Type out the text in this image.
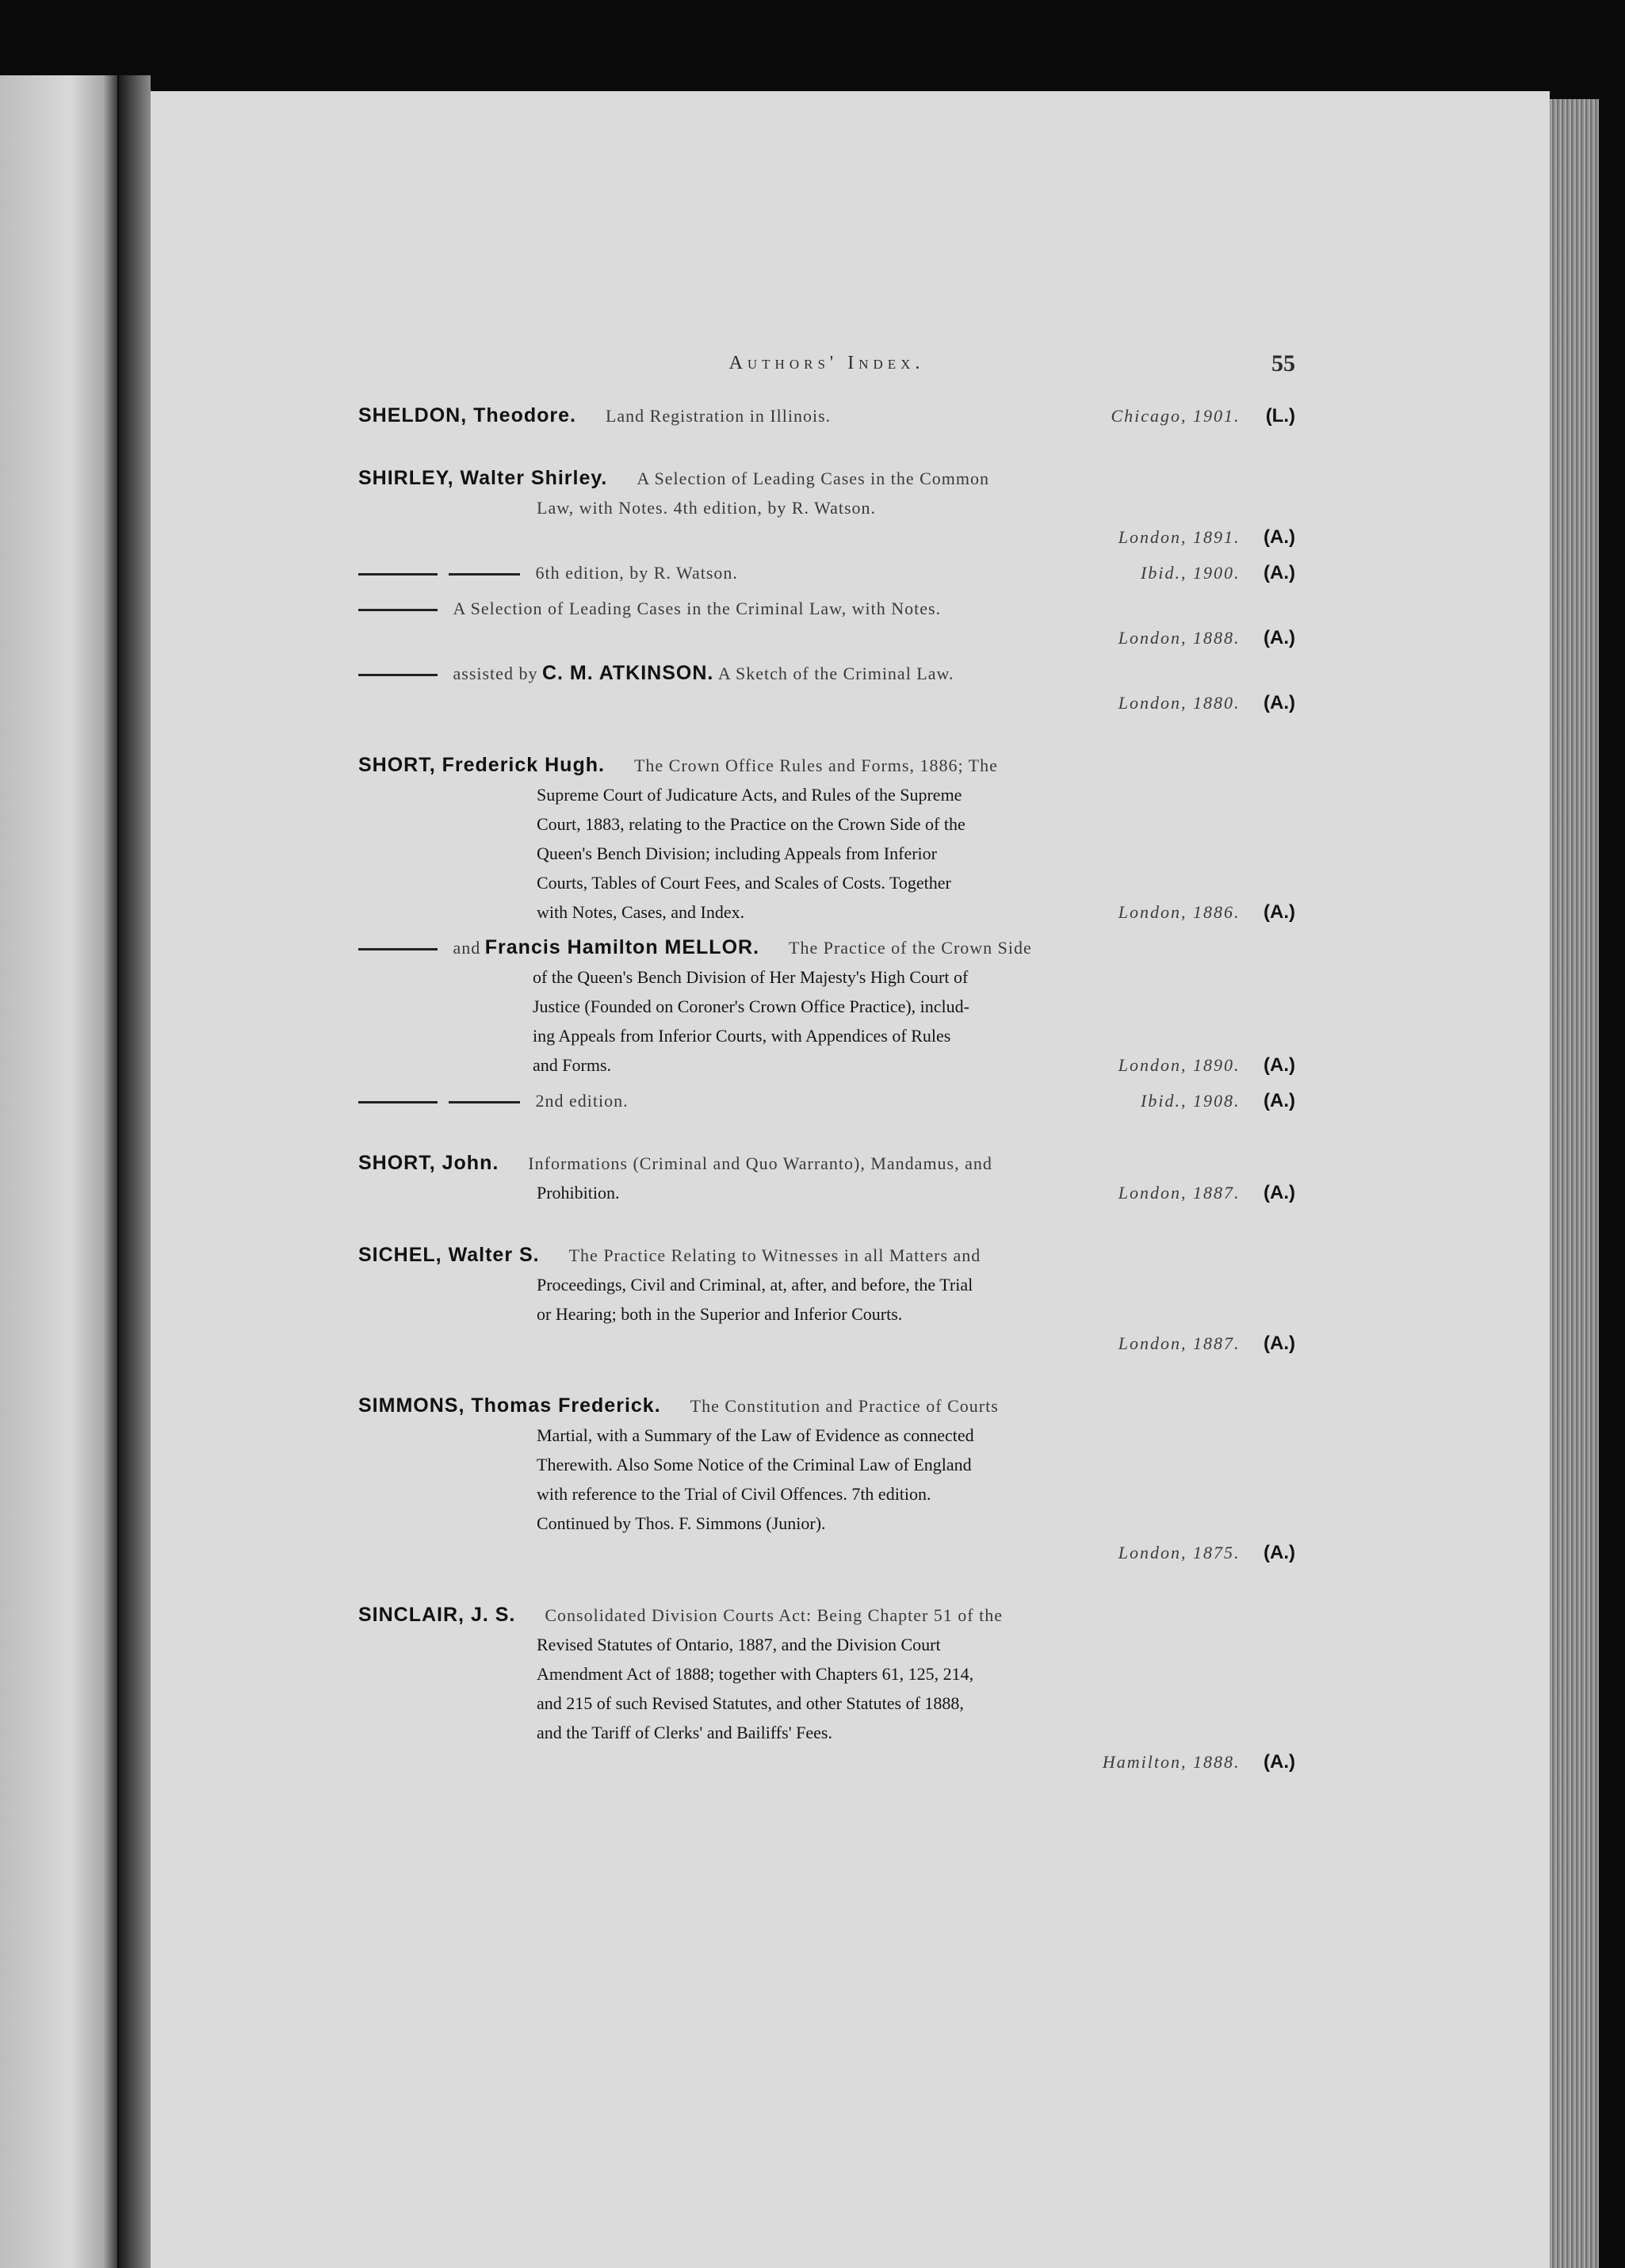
Authors' Index.	55
SHELDON, Theodore. Land Registration in Illinois.	Chicago, 1901. (L.)
SHIRLEY, Walter Shirley. A Selection of Leading Cases in the Common
Law, with Notes. 4th edition, by R. Watson.
London, 1891. (A.)
6th edition, by R. Watson.	Ibid., 1900. (A.)
A Selection of Leading Cases in the Criminal Law, with Notes.
London, 1888. (A.)
assisted by C. M. ATKINSON. A Sketch of the Criminal Law.
London, 1880. (A.)
SHORT, Frederick Hugh. The Crown Office Rules and Forms, 1886; The
Supreme Court of Judicature Acts, and Rules of the Supreme
Court, 1883, relating to the Practice on the Crown Side of the
Queen's Bench Division; including Appeals from Inferior
Courts, Tables of Court Fees, and Scales of Costs. Together
with Notes, Cases, and Index.	London, 1886. (A.)
and Francis Hamilton MELLOR. The Practice of the Crown Side
of the Queen's Bench Division of Her Majesty's High Court of
Justice (Founded on Coroner's Crown Office Practice), includ-
ing Appeals from Inferior Courts, with Appendices of Rules
and Forms.	London, 1890. (A.)
2nd edition.	Ibid., 1908. (A.)
SHORT, John. Informations (Criminal and Quo Warranto), Mandamus, and
Prohibition.	London, 1887. (A.)
SICHEL, Walter S. The Practice Relating to Witnesses in all Matters and
Proceedings, Civil and Criminal, at, after, and before, the Trial
or Hearing; both in the Superior and Inferior Courts.
London, 1887. (A.)
SIMMONS, Thomas Frederick. The Constitution and Practice of Courts
Martial, with a Summary of the Law of Evidence as connected
Therewith. Also Some Notice of the Criminal Law of England
with reference to the Trial of Civil Offences. 7th edition.
Continued by Thos. F. Simmons (Junior).
London, 1875. (A.)
SINCLAIR, J. S. Consolidated Division Courts Act: Being Chapter 51 of the
Revised Statutes of Ontario, 1887, and the Division Court
Amendment Act of 1888; together with Chapters 61, 125, 214,
and 215 of such Revised Statutes, and other Statutes of 1888,
and the Tariff of Clerks' and Bailiffs' Fees.
Hamilton, 1888. (A.)
